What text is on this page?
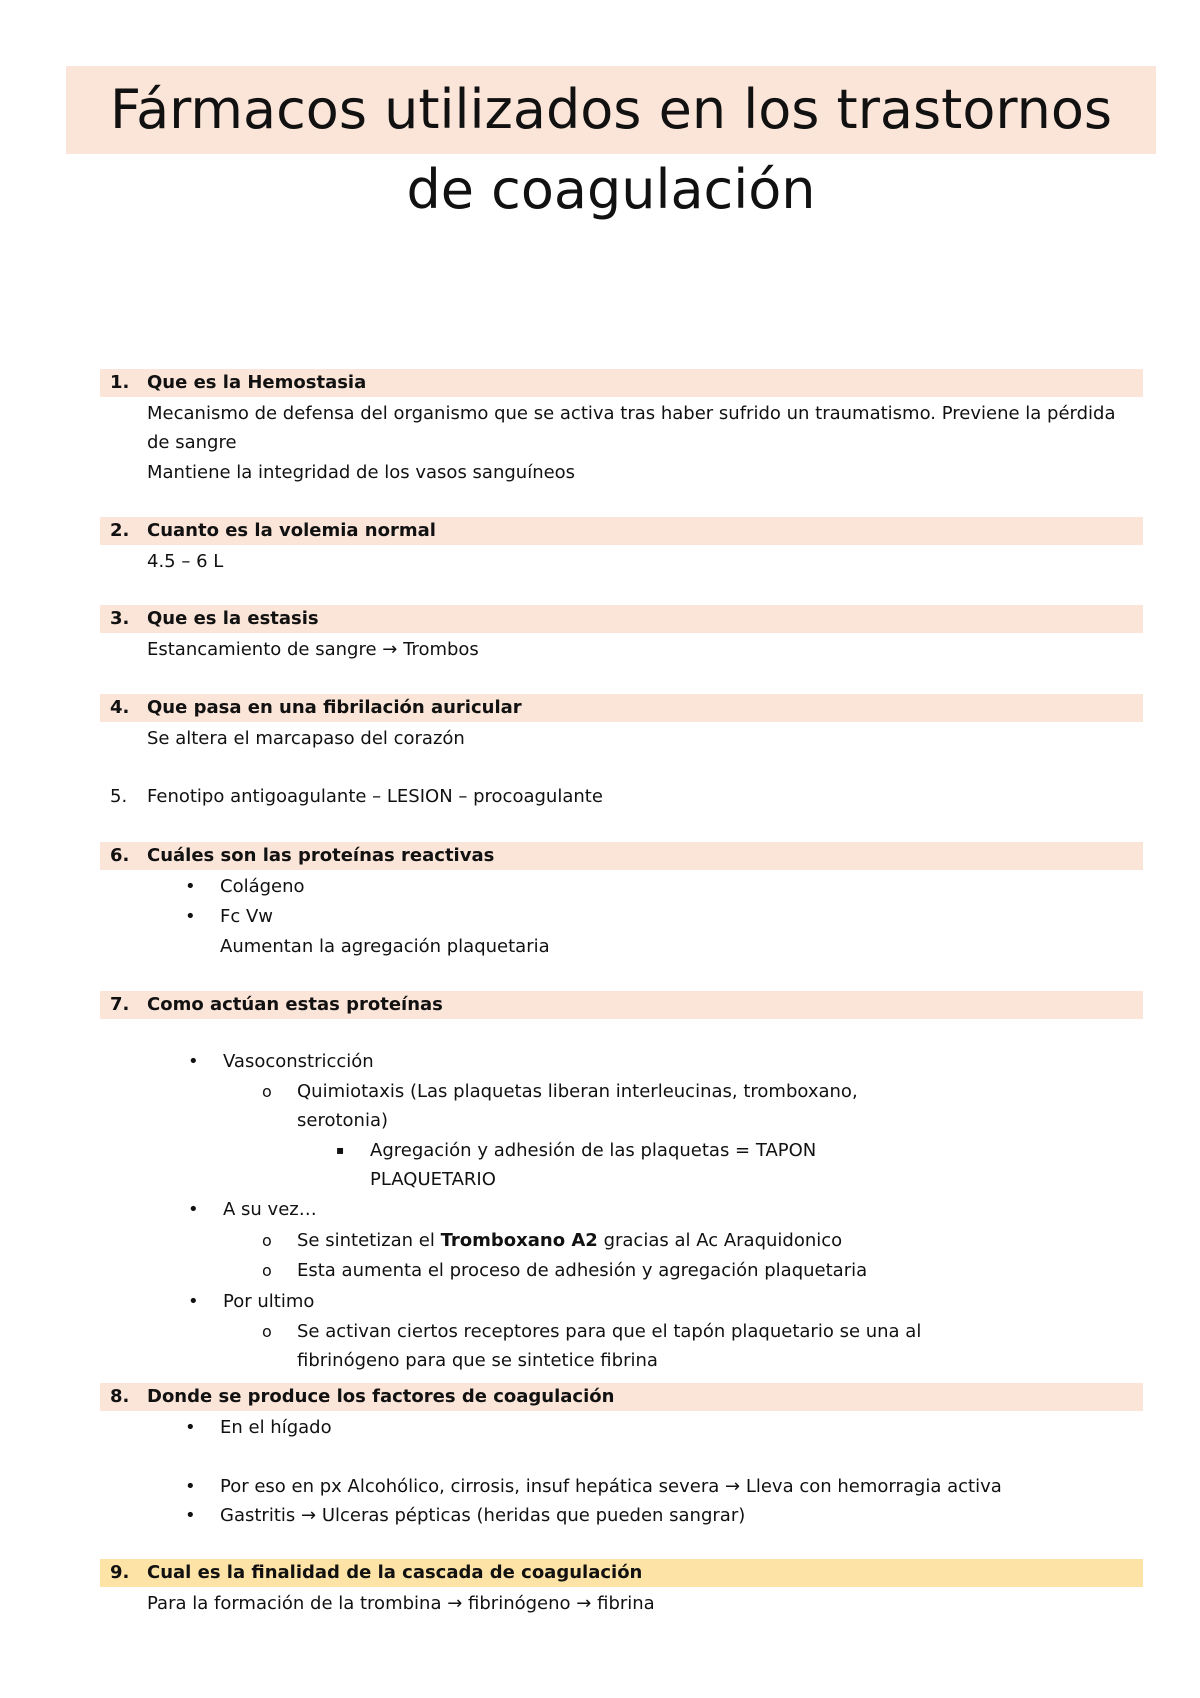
Fármacos utilizados en los trastornos
de coagulación
1. Que es la Hemostasia
Mecanismo de defensa del organismo que se activa tras haber sufrido un traumatismo. Previene la pérdida
de sangre
Mantiene la integridad de los vasos sanguíneos
2. Cuanto es la volemia normal
4.5 – 6 L
3. Que es la estasis
Estancamiento de sangre → Trombos
4. Que pasa en una fibrilación auricular
Se altera el marcapaso del corazón
5. Fenotipo antigoagulante – LESION – procoagulante
6. Cuáles son las proteínas reactivas
• Colágeno
• Fc Vw
Aumentan la agregación plaquetaria
7. Como actúan estas proteínas
• Vasoconstricción
o Quimiotaxis (Las plaquetas liberan interleucinas, tromboxano,
serotonia)
▪ Agregación y adhesión de las plaquetas = TAPON
PLAQUETARIO
• A su vez…
o Se sintetizan el Tromboxano A2 gracias al Ac Araquidonico
o Esta aumenta el proceso de adhesión y agregación plaquetaria
• Por ultimo
o Se activan ciertos receptores para que el tapón plaquetario se una al
fibrinógeno para que se sintetice fibrina
8. Donde se produce los factores de coagulación
• En el hígado
• Por eso en px Alcohólico, cirrosis, insuf hepática severa → Lleva con hemorragia activa
• Gastritis → Ulceras pépticas (heridas que pueden sangrar)
9. Cual es la finalidad de la cascada de coagulación
Para la formación de la trombina → fibrinógeno → fibrina
